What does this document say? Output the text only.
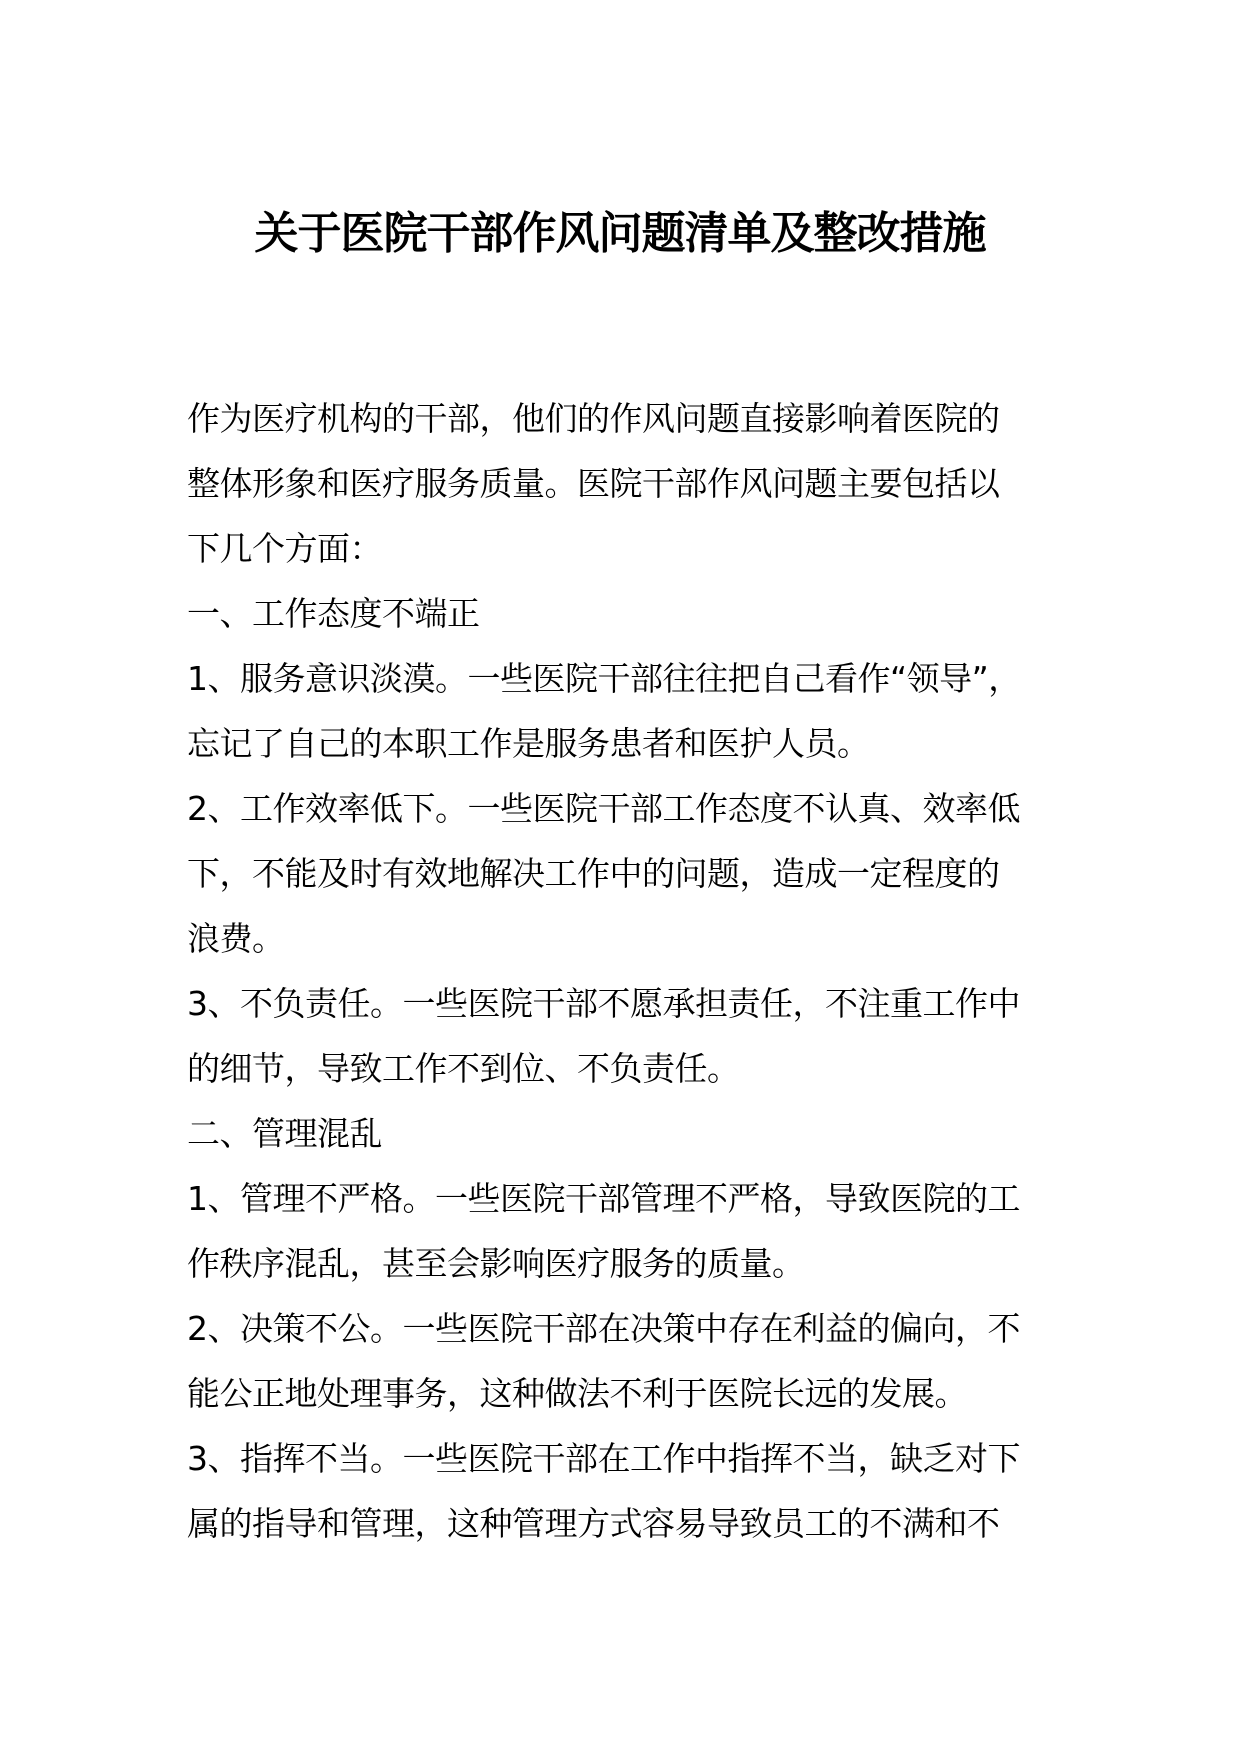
关于医院干部作风问题清单及整改措施
作为医疗机构的干部，他们的作风问题直接影响着医院的
整体形象和医疗服务质量。医院干部作风问题主要包括以
下几个方面：
一、工作态度不端正
1、服务意识淡漠。一些医院干部往往把自己看作“领导”，
忘记了自己的本职工作是服务患者和医护人员。
2、工作效率低下。一些医院干部工作态度不认真、效率低
下，不能及时有效地解决工作中的问题，造成一定程度的
浪费。
3、不负责任。一些医院干部不愿承担责任，不注重工作中
的细节，导致工作不到位、不负责任。
二、管理混乱
1、管理不严格。一些医院干部管理不严格，导致医院的工
作秩序混乱，甚至会影响医疗服务的质量。
2、决策不公。一些医院干部在决策中存在利益的偏向，不
能公正地处理事务，这种做法不利于医院长远的发展。
3、指挥不当。一些医院干部在工作中指挥不当，缺乏对下
属的指导和管理，这种管理方式容易导致员工的不满和不
